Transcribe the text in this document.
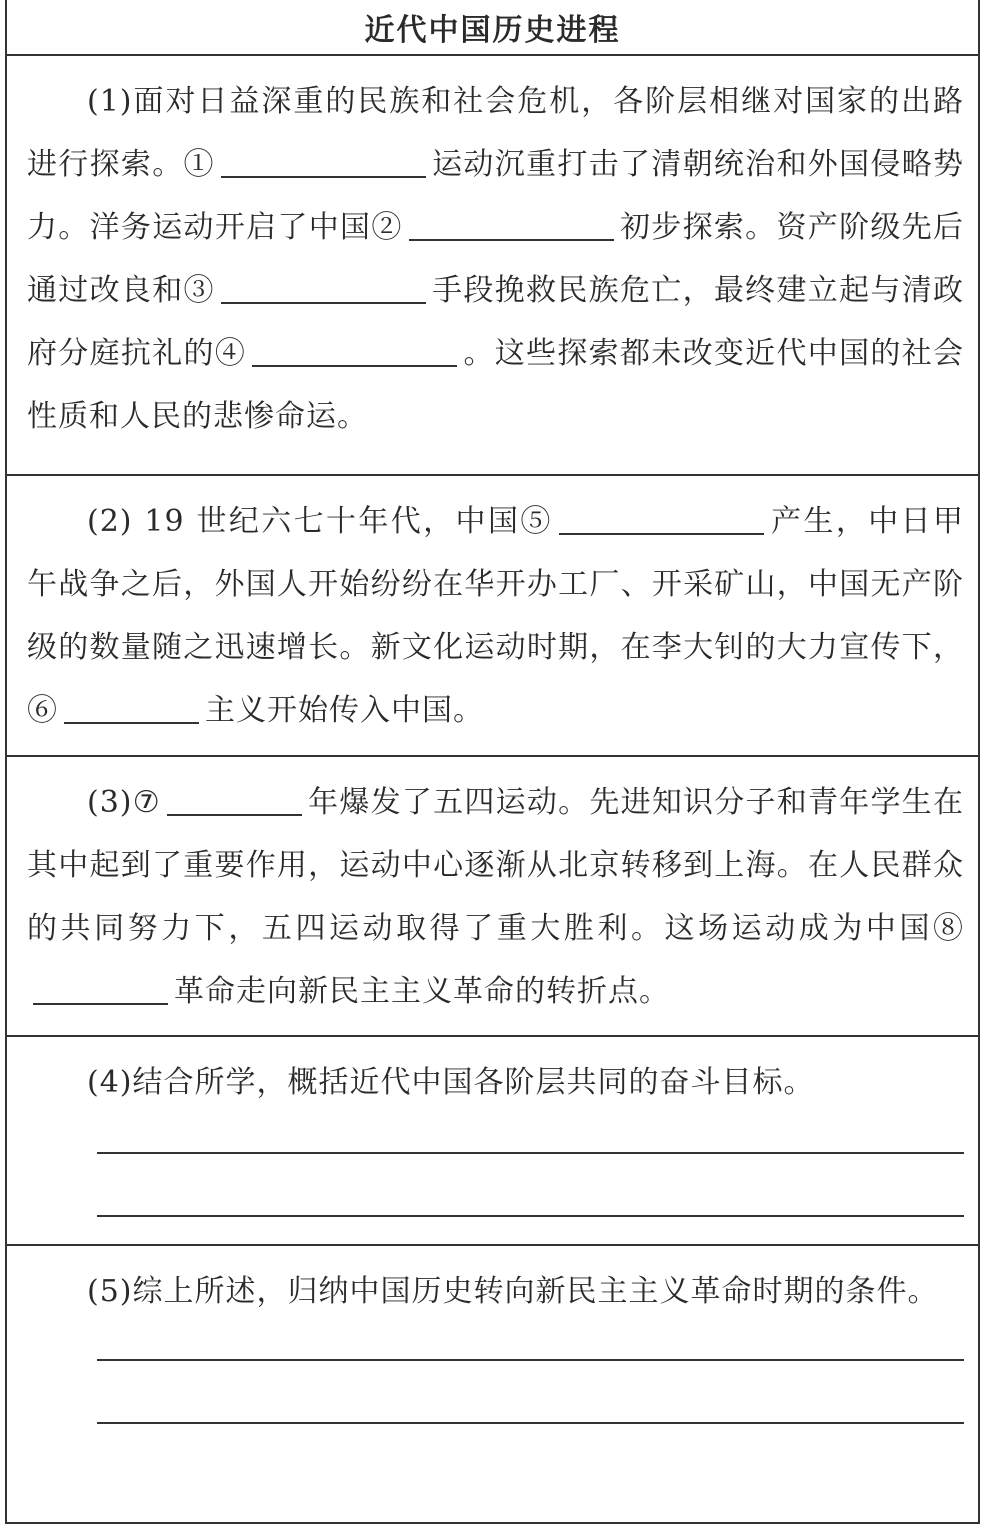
近代中国历史进程

(1)面对日益深重的民族和社会危机，各阶层相继对国家的出路进行探索。①	运动沉重打击了清朝统治和外国侵略势力。洋务运动开启了中国②	初步探索。资产阶级先后通过改良和③	手段挽救民族危亡，最终建立起与清政府分庭抗礼的④	。这些探索都未改变近代中国的社会性质和人民的悲惨命运。

(2) 19 世纪六七十年代，中国⑤	产生，中日甲午战争之后，外国人开始纷纷在华开办工厂、开采矿山，中国无产阶级的数量随之迅速增长。新文化运动时期，在李大钊的大力宣传下，⑥	主义开始传入中国。

(3)⑦	年爆发了五四运动。先进知识分子和青年学生在其中起到了重要作用，运动中心逐渐从北京转移到上海。在人民群众的共同努力下，五四运动取得了重大胜利。这场运动成为中国⑧革命走向新民主主义革命的转折点。

(4)结合所学，概括近代中国各阶层共同的奋斗目标。

(5)综上所述，归纳中国历史转向新民主主义革命时期的条件。
